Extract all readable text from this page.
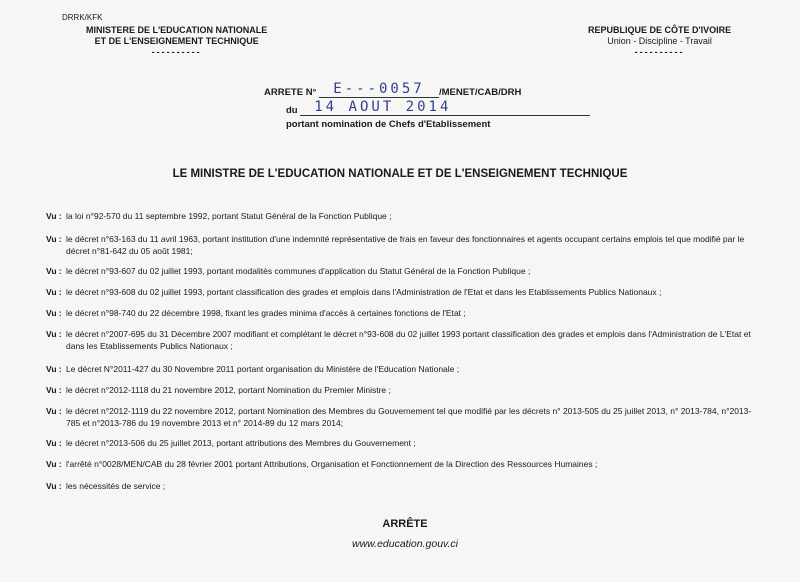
DRRK/KFK
MINISTERE DE L'EDUCATION NATIONALE
ET DE L'ENSEIGNEMENT TECHNIQUE
----------
REPUBLIQUE DE CÔTE D'IVOIRE
Union - Discipline - Travail
----------
ARRETE N° E---0057 /MENET/CAB/DRH
du 14 AOUT 2014
portant nomination de Chefs d'Etablissement
LE MINISTRE DE L'EDUCATION NATIONALE ET DE L'ENSEIGNEMENT TECHNIQUE
Vu : la loi n°92-570 du 11 septembre 1992, portant Statut Général de la Fonction Publique ;
Vu : le décret n°63-163 du 11 avril 1963, portant institution d'une indemnité représentative de frais en faveur des fonctionnaires et agents occupant certains emplois tel que modifié par le décret n°81-642 du 05 août 1981;
Vu : le décret n°93-607 du 02 juillet 1993, portant modalités communes d'application du Statut Général de la Fonction Publique ;
Vu : le décret n°93-608 du 02 juillet 1993, portant classification des grades et emplois dans l'Administration de l'Etat et dans les Etablissements Publics Nationaux ;
Vu : le décret n°98-740 du 22 décembre 1998, fixant les grades minima d'accès à certaines fonctions de l'Etat ;
Vu : le décret n°2007-695 du 31 Décembre 2007 modifiant et complétant le décret n°93-608 du 02 juillet 1993 portant classification des grades et emplois dans l'Administration de L'Etat et dans les Etablissements Publics Nationaux ;
Vu : Le décret N°2011-427 du 30 Novembre 2011 portant organisation du Ministère de l'Education Nationale ;
Vu : le décret n°2012-1118 du 21 novembre 2012, portant Nomination du Premier Ministre ;
Vu : le décret n°2012-1119 du 22 novembre 2012, portant Nomination des Membres du Gouvernement tel que modifié par les décrets n° 2013-505 du 25 juillet 2013, n° 2013-784, n°2013-785 et n°2013-786 du 19 novembre 2013 et n° 2014-89 du 12 mars 2014;
Vu : le décret n°2013-506 du 25 juillet 2013, portant attributions des Membres du Gouvernement ;
Vu : l'arrêté n°0028/MEN/CAB du 28 février 2001 portant Attributions, Organisation et Fonctionnement de la Direction des Ressources Humaines ;
Vu : les nécessités de service ;
ARRÊTE
www.education.gouv.ci
